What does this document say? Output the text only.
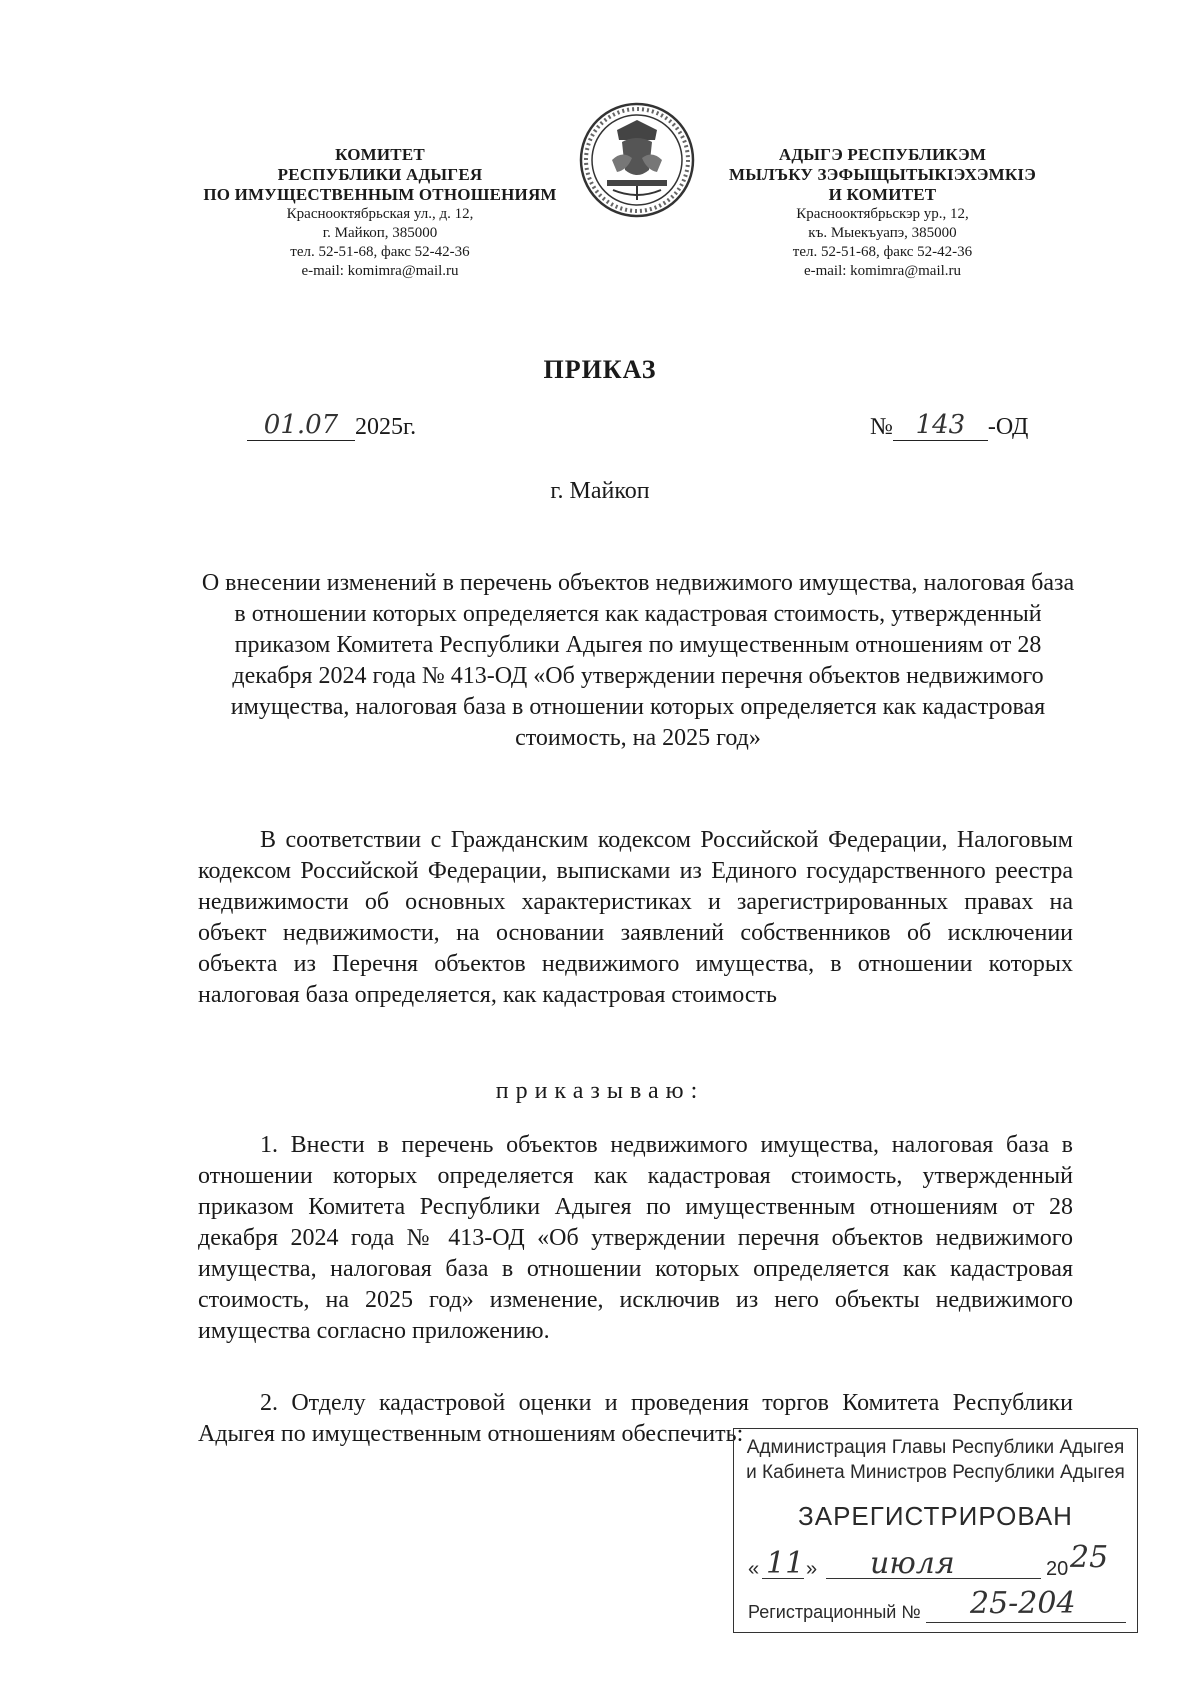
КОМИТЕТ
РЕСПУБЛИКИ АДЫГЕЯ
ПО ИМУЩЕСТВЕННЫМ ОТНОШЕНИЯМ
Краснооктябрьская ул., д. 12,
г. Майкоп, 385000
тел. 52-51-68, факс 52-42-36
e-mail: komimra@mail.ru
АДЫГЭ РЕСПУБЛИКЭМ
МЫЛЪКУ ЗЭФЫЩЫТЫКIЭХЭМКIЭ
И КОМИТЕТ
Краснооктябрьскэр ур., 12,
къ. Мыекъуапэ, 385000
тел. 52-51-68, факс 52-42-36
e-mail: komimra@mail.ru
ПРИКАЗ
01.07 2025г.	№ 143 -ОД
г. Майкоп
О внесении изменений в перечень объектов недвижимого имущества, налоговая база в отношении которых определяется как кадастровая стоимость, утвержденный приказом Комитета Республики Адыгея по имущественным отношениям от 28 декабря 2024 года № 413-ОД «Об утверждении перечня объектов недвижимого имущества, налоговая база в отношении которых определяется как кадастровая стоимость, на 2025 год»
В соответствии с Гражданским кодексом Российской Федерации, Налоговым кодексом Российской Федерации, выписками из Единого государственного реестра недвижимости об основных характеристиках и зарегистрированных правах на объект недвижимости, на основании заявлений собственников об исключении объекта из Перечня объектов недвижимого имущества, в отношении которых налоговая база определяется, как кадастровая стоимость
приказываю:
1. Внести в перечень объектов недвижимого имущества, налоговая база в отношении которых определяется как кадастровая стоимость, утвержденный приказом Комитета Республики Адыгея по имущественным отношениям от 28 декабря 2024 года № 413-ОД «Об утверждении перечня объектов недвижимого имущества, налоговая база в отношении которых определяется как кадастровая стоимость, на 2025 год» изменение, исключив из него объекты недвижимого имущества согласно приложению.
2. Отделу кадастровой оценки и проведения торгов Комитета Республики Адыгея по имущественным отношениям обеспечить:
Администрация Главы Республики Адыгея
и Кабинета Министров Республики Адыгея
ЗАРЕГИСТРИРОВАН
« 11 » июля	20 25
Регистрационный № 25-204
